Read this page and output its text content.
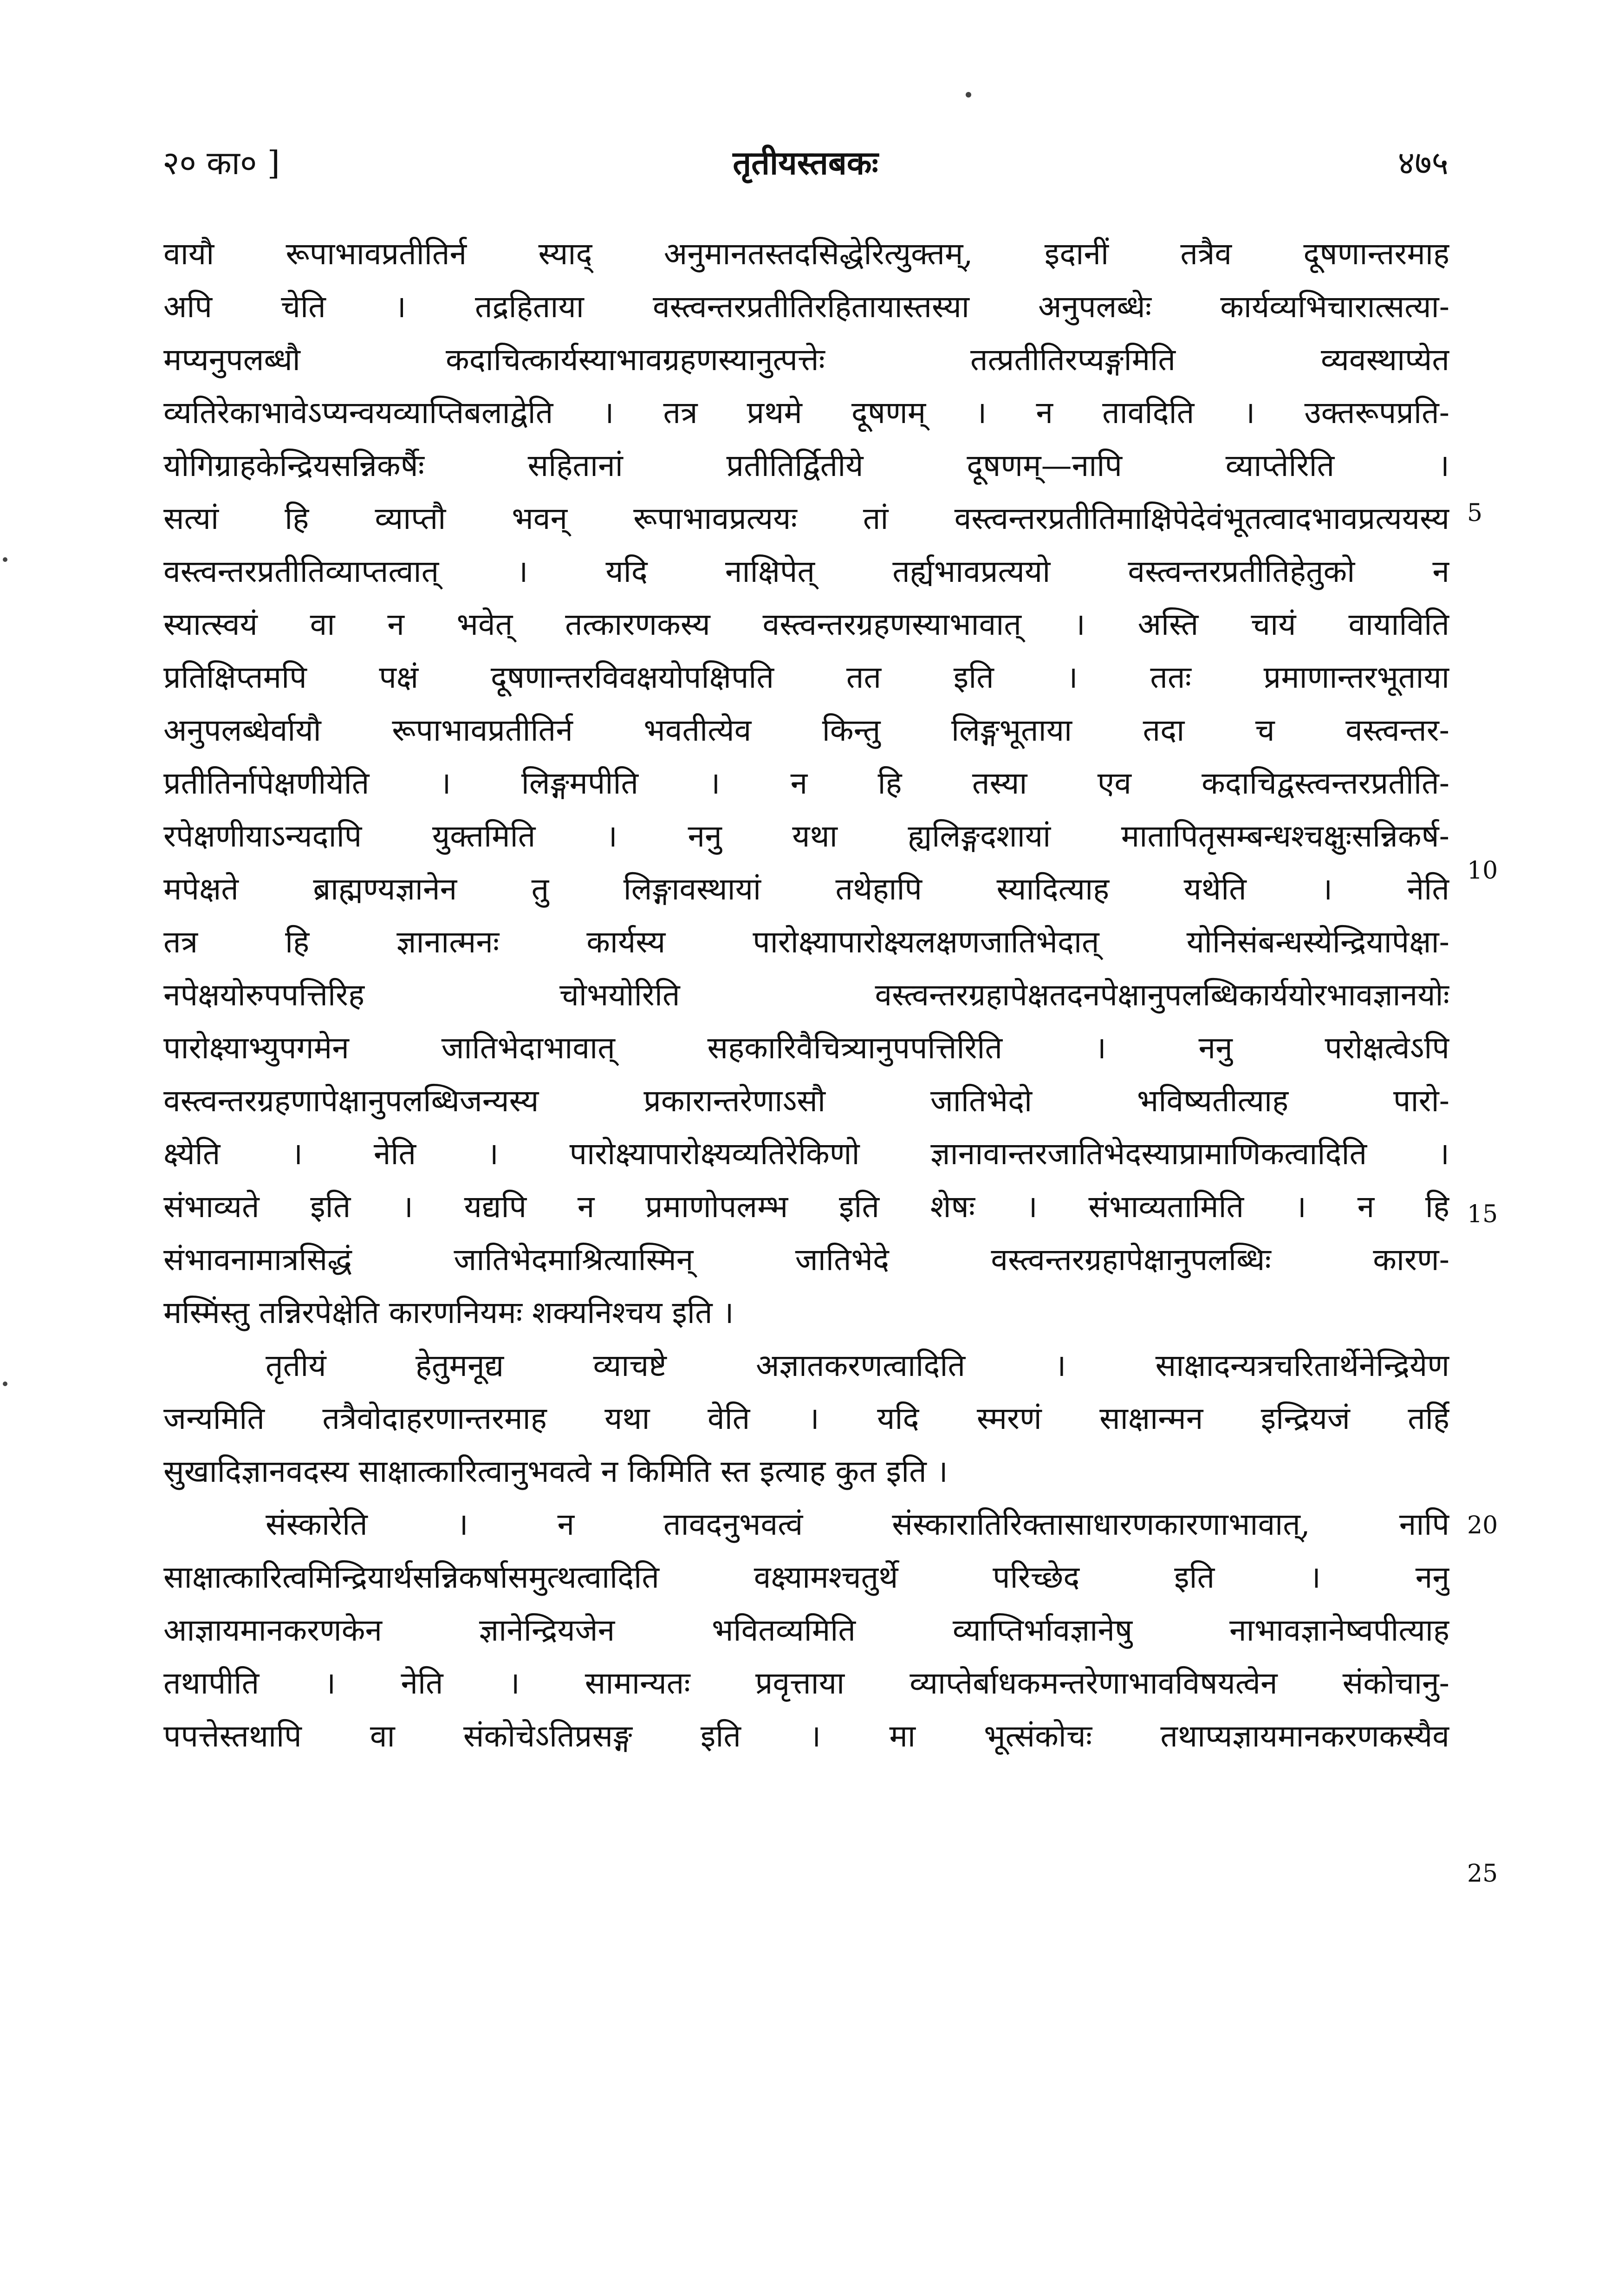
२० का० ]	तृतीयस्तबकः	४७५
वायौ रूपाभावप्रतीतिर्न स्याद् अनुमानतस्तदसिद्धेरित्युक्तम्, इदानीं तत्रैव दूषणान्तरमाह
अपि चेति । तद्रहिताया वस्त्वन्तरप्रतीतिरहितायास्तस्या अनुपलब्धेः कार्यव्यभिचारात्सत्या-
मप्यनुपलब्धौ कदाचित्कार्यस्याभावग्रहणस्यानुत्पत्तेः तत्प्रतीतिरप्यङ्गमिति व्यवस्थाप्येत
व्यतिरेकाभावेऽप्यन्वयव्याप्तिबलाद्वेति । तत्र प्रथमे दूषणम् । न तावदिति । उक्तरूपप्रति-
योगिग्राहकेन्द्रियसन्निकर्षैः सहितानां प्रतीतिर्द्वितीये दूषणम्—नापि व्याप्तेरिति ।
सत्यां हि व्याप्तौ भवन् रूपाभावप्रत्ययः तां वस्त्वन्तरप्रतीतिमाक्षिपेदेवंभूतत्वादभावप्रत्ययस्य
वस्त्वन्तरप्रतीतिव्याप्तत्वात् । यदि नाक्षिपेत् तर्ह्यभावप्रत्ययो वस्त्वन्तरप्रतीतिहेतुको न
स्यात्स्वयं वा न भवेत् तत्कारणकस्य वस्त्वन्तरग्रहणस्याभावात् । अस्ति चायं वायाविति
प्रतिक्षिप्तमपि पक्षं दूषणान्तरविवक्षयोपक्षिपति तत इति । ततः प्रमाणान्तरभूताया
अनुपलब्धेर्वायौ रूपाभावप्रतीतिर्न भवतीत्येव किन्तु लिङ्गभूताया तदा च वस्त्वन्तर-
प्रतीतिर्नापेक्षणीयेति । लिङ्गमपीति । न हि तस्या एव कदाचिद्वस्त्वन्तरप्रतीति-
रपेक्षणीयाऽन्यदापि युक्तमिति । ननु यथा ह्यलिङ्गदशायां मातापितृसम्बन्धश्चक्षुःसन्निकर्ष-
मपेक्षते ब्राह्मण्यज्ञानेन तु लिङ्गावस्थायां तथेहापि स्यादित्याह यथेति । नेति
तत्र हि ज्ञानात्मनः कार्यस्य पारोक्ष्यापारोक्ष्यलक्षणजातिभेदात् योनिसंबन्धस्येन्द्रियापेक्षा-
नपेक्षयोरुपपत्तिरिह चोभयोरिति वस्त्वन्तरग्रहापेक्षतदनपेक्षानुपलब्धिकार्ययोरभावज्ञानयोः
पारोक्ष्याभ्युपगमेन जातिभेदाभावात् सहकारिवैचित्र्यानुपपत्तिरिति । ननु परोक्षत्वेऽपि
वस्त्वन्तरग्रहणापेक्षानुपलब्धिजन्यस्य प्रकारान्तरेणाऽसौ जातिभेदो भविष्यतीत्याह पारो-
क्ष्येति । नेति । पारोक्ष्यापारोक्ष्यव्यतिरेकिणो ज्ञानावान्तरजातिभेदस्याप्रामाणिकत्वादिति ।
संभाव्यते इति । यद्यपि न प्रमाणोपलम्भ इति शेषः । संभाव्यतामिति । न हि
संभावनामात्रसिद्धं जातिभेदमाश्रित्यास्मिन् जातिभेदे वस्त्वन्तरग्रहापेक्षानुपलब्धिः कारण-
मस्मिंस्तु तन्निरपेक्षेति कारणनियमः शक्यनिश्चय इति ।
तृतीयं हेतुमनूद्य व्याचष्टे अज्ञातकरणत्वादिति । साक्षादन्यत्रचरितार्थेनेन्द्रियेण
जन्यमिति तत्रैवोदाहरणान्तरमाह यथा वेति । यदि स्मरणं साक्षान्मन इन्द्रियजं तर्हि
सुखादिज्ञानवदस्य साक्षात्कारित्वानुभवत्वे न किमिति स्त इत्याह कुत इति ।
संस्कारेति । न तावदनुभवत्वं संस्कारातिरिक्तासाधारणकारणाभावात्, नापि
साक्षात्कारित्वमिन्द्रियार्थसन्निकर्षासमुत्थत्वादिति वक्ष्यामश्चतुर्थे परिच्छेद इति । ननु
आज्ञायमानकरणकेन ज्ञानेन्द्रियजेन भवितव्यमिति व्याप्तिर्भावज्ञानेषु नाभावज्ञानेष्वपीत्याह
तथापीति । नेति । सामान्यतः प्रवृत्ताया व्याप्तेर्बाधकमन्तरेणाभावविषयत्वेन संकोचानु-
पपत्तेस्तथापि वा संकोचेऽतिप्रसङ्ग इति । मा भूत्संकोचः तथाप्यज्ञायमानकरणकस्यैव
5
10
15
20
25
